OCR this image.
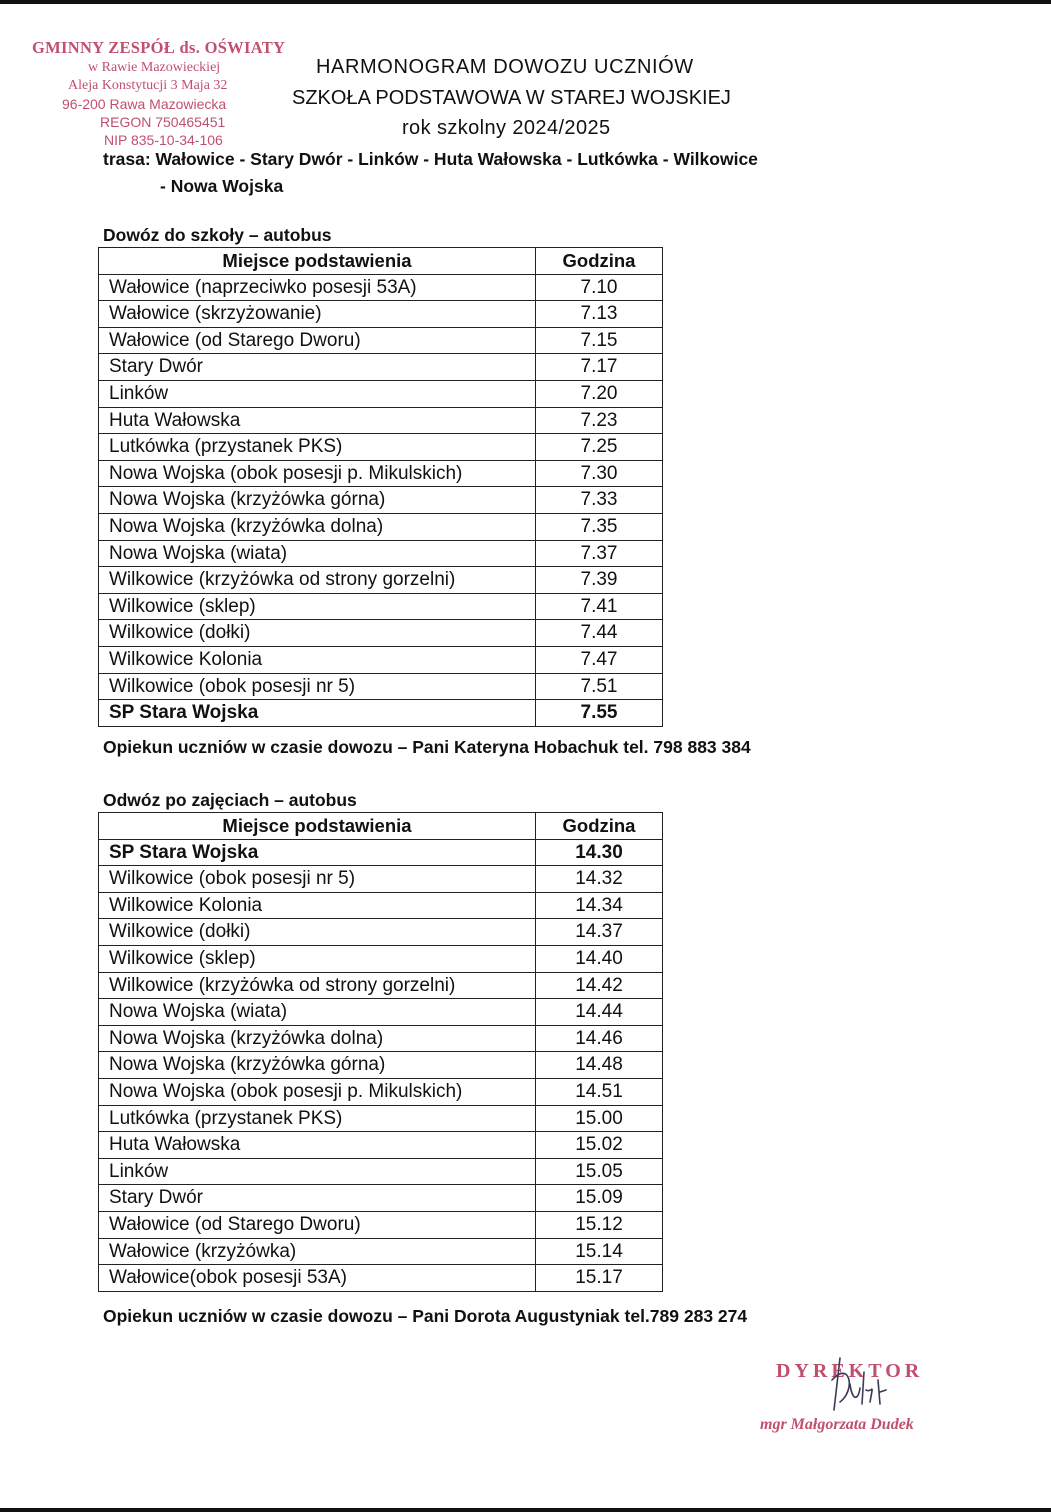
GMINNY ZESPÓŁ ds. OŚWIATY
w Rawie Mazowieckiej
Aleja Konstytucji 3 Maja 32
96-200 Rawa Mazowiecka
REGON 750465451
NIP 835-10-34-106
HARMONOGRAM DOWOZU UCZNIÓW
SZKOŁA PODSTAWOWA W STAREJ WOJSKIEJ
rok szkolny 2024/2025
trasa: Wałowice - Stary Dwór - Linków - Huta Wałowska - Lutkówka - Wilkowice
- Nowa Wojska
Dowóz do szkoły – autobus
Miejsce podstawienia	Godzina
Wałowice (naprzeciwko posesji 53A)	7.10
Wałowice (skrzyżowanie)	7.13
Wałowice (od Starego Dworu)	7.15
Stary Dwór	7.17
Linków	7.20
Huta Wałowska	7.23
Lutkówka (przystanek PKS)	7.25
Nowa Wojska (obok posesji p. Mikulskich)	7.30
Nowa Wojska (krzyżówka górna)	7.33
Nowa Wojska (krzyżówka dolna)	7.35
Nowa Wojska (wiata)	7.37
Wilkowice (krzyżówka od strony gorzelni)	7.39
Wilkowice (sklep)	7.41
Wilkowice (dołki)	7.44
Wilkowice Kolonia	7.47
Wilkowice (obok posesji nr 5)	7.51
SP Stara Wojska	7.55
Opiekun uczniów w czasie dowozu – Pani Kateryna Hobachuk tel. 798 883 384
Odwóz po zajęciach – autobus
Miejsce podstawienia	Godzina
SP Stara Wojska	14.30
Wilkowice (obok posesji nr 5)	14.32
Wilkowice Kolonia	14.34
Wilkowice (dołki)	14.37
Wilkowice (sklep)	14.40
Wilkowice (krzyżówka od strony gorzelni)	14.42
Nowa Wojska (wiata)	14.44
Nowa Wojska (krzyżówka dolna)	14.46
Nowa Wojska (krzyżówka górna)	14.48
Nowa Wojska (obok posesji p. Mikulskich)	14.51
Lutkówka (przystanek PKS)	15.00
Huta Wałowska	15.02
Linków	15.05
Stary Dwór	15.09
Wałowice (od Starego Dworu)	15.12
Wałowice (krzyżówka)	15.14
Wałowice(obok posesji 53A)	15.17
Opiekun uczniów w czasie dowozu – Pani Dorota Augustyniak tel.789 283 274
DYREKTOR
mgr Małgorzata Dudek
